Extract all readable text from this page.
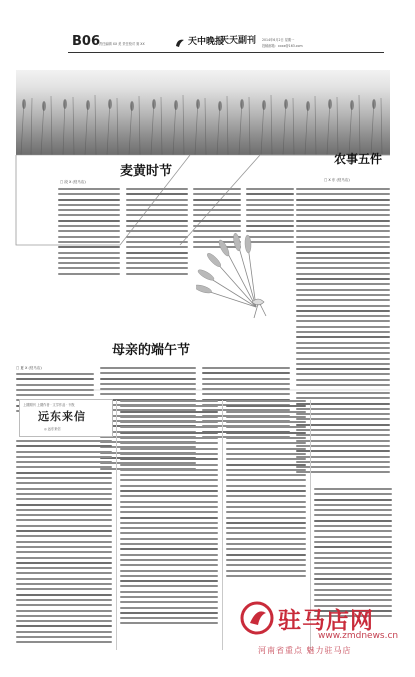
B06 责任编辑 XX 美 责任校对 窦 XX	天中晚报
天天副刊 2014年6月2日 星期一
投稿邮箱：xxxx@163.com
麦黄时节
□ 段 X (驻马店)
农事五件
□ X 东 (驻马店)
母亲的端午节
□ 夏 X (驻马店)
上期期刊 上期作者 · 文学作品 · 刊发
远东来信
◎ 远东来信
驻马店网
www.zmdnews.cn
河南省重点 魅力驻马店
